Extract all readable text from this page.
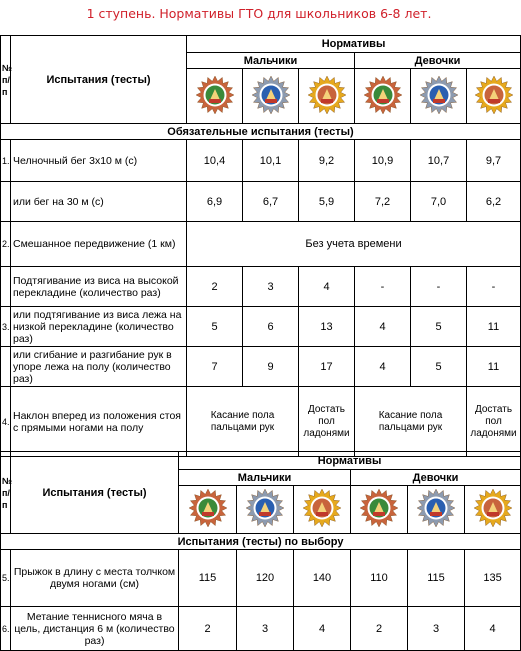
1 ступень. Нормативы ГТО для школьников 6-8 лет.
№ п/п	Испытания (тесты)	Нормативы					
		Мальчики			Девочки		

Обязательные испытания (тесты)							
1.	Челночный бег 3х10 м (с)	10,4	10,1	9,2	10,9	10,7	9,7
	или бег на 30 м (с)	6,9	6,7	5,9	7,2	7,0	6,2
2.	Смешанное передвижение (1 км)	Без учета времени					
	Подтягивание из виса на высокой перекладине (количество раз)	2	3	4	-	-	-
3.	или подтягивание из виса лежа на низкой перекладине (количество раз)	5	6	13	4	5	11
	или сгибание и разгибание рук в упоре лежа на полу (количество раз)	7	9	17	4	5	11
4.	Наклон вперед из положения стоя с прямыми ногами на полу	Касание пола пальцами рук		Достать пол ладонями	Касание пола пальцами рук		Достать пол ладонями
№ п/п	Испытания (тесты)	Нормативы					
		Мальчики			Девочки		

Испытания (тесты) по выбору							
5.	Прыжок в длину с места толчком двумя ногами (см)	115	120	140	110	115	135
6.	Метание теннисного мяча в цель, дистанция 6 м (количество раз)	2	3	4	2	3	4
